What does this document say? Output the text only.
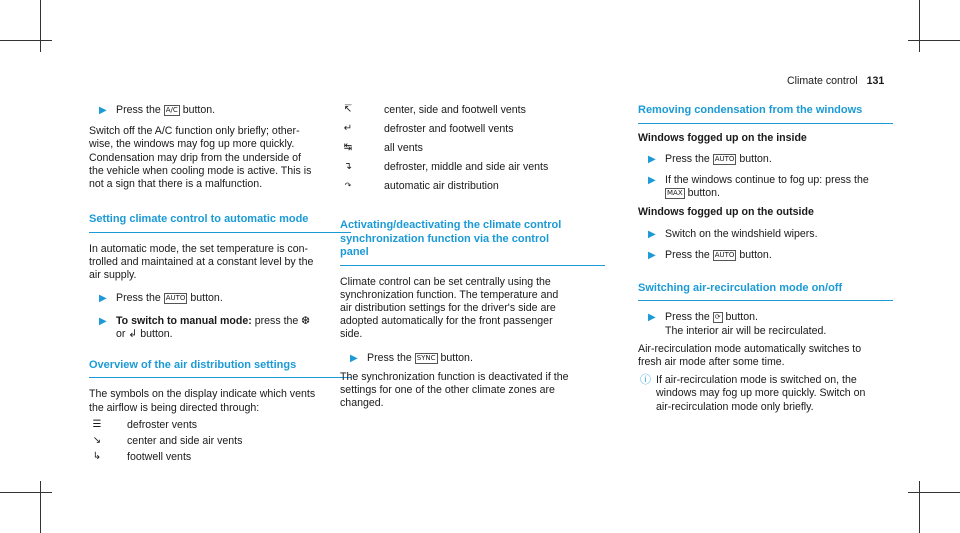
Climate control 131
▶ Press the A/C button.

Switch off the A/C function only briefly; other-

wise, the windows may fog up more quickly.

Condensation may drip from the underside of

the vehicle when cooling mode is active. This is

not a sign that there is a malfunction.

Setting climate control to automatic mode

In automatic mode, the set temperature is con-

trolled and maintained at a constant level by the

air supply.

▶ Press the AUTO button.
▶ To switch to manual mode: press the ❆
or ↲ button.
Overview of the air distribution settings

The symbols on the display indicate which vents

the airflow is being directed through:

☰	defroster vents
↘	center and side air vents
↳	footwell vents
↸	center, side and footwell vents
↵	defroster and footwell vents
↹	all vents
↴	defroster, middle and side air vents
↷	automatic air distribution
Activating/deactivating the climate control
synchronization function via the control
panel

Climate control can be set centrally using the

synchronization function. The temperature and

air distribution settings for the driver's side are

adopted automatically for the front passenger

side.

▶ Press the SYNC button.

The synchronization function is deactivated if the

settings for one of the other climate zones are

changed.

Removing condensation from the windows
Windows fogged up on the inside
▶ Press the AUTO button.
▶ If the windows continue to fog up: press the
MAX button.
Windows fogged up on the outside
▶ Switch on the windshield wipers.
▶ Press the AUTO button.
Switching air-recirculation mode on/off
▶ Press the ⟳ button.
The interior air will be recirculated.

Air-recirculation mode automatically switches to

fresh air mode after some time.

ⓘ If air-recirculation mode is switched on, the
windows may fog up more quickly. Switch on
air-recirculation mode only briefly.
